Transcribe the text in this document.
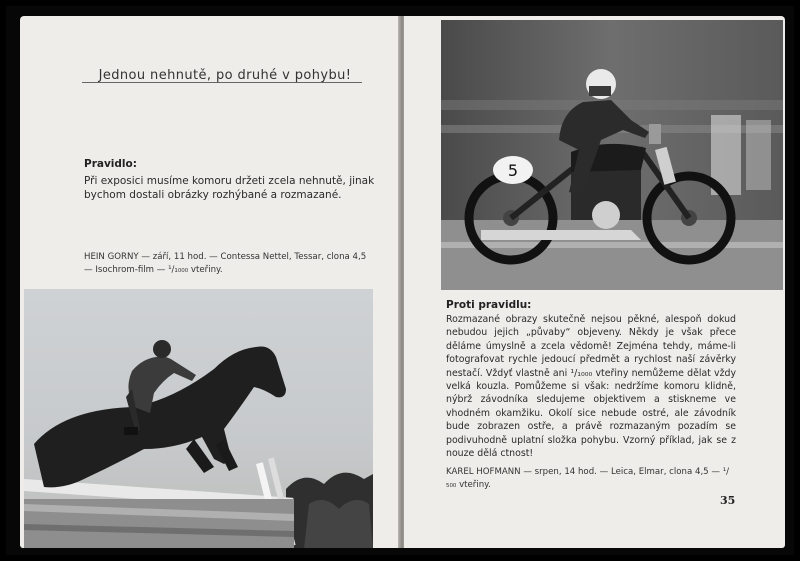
Jednou nehnutě, po druhé v pohybu!
Pravidlo:
Při exposici musíme komoru držeti zcela nehnutě, jinak bychom dostali obrázky rozhýbané a rozmazané.
HEIN GORNY — září, 11 hod. — Contessa Nettel, Tessar, clona 4,5 — Isochrom-film — ¹/₁₀₀₀ vteřiny.
5
Proti pravidlu:
Rozmazané obrazy skutečně nejsou pěkné, alespoň dokud nebudou jejich „půvaby“ objeveny. Někdy je však přece děláme úmyslně a zcela vědomě! Zejména tehdy, máme-li fotografovat rychle jedoucí předmět a rychlost naší závěrky nestačí. Vždyť vlastně ani ¹/₁₀₀₀ vteřiny nemůžeme dělat vždy velká kouzla. Pomůžeme si však: nedržíme komoru klidně, nýbrž závodníka sledujeme objektivem a stiskneme ve vhodném okamžiku. Okolí sice nebude ostré, ale závodník bude zobrazen ostře, a právě rozmazaným pozadím se podivuhodně uplatní složka pohybu. Vzorný příklad, jak se z nouze dělá ctnost!
KAREL HOFMANN — srpen, 14 hod. — Leica, Elmar, clona 4,5 — ¹/₅₀₀ vteřiny.
35
